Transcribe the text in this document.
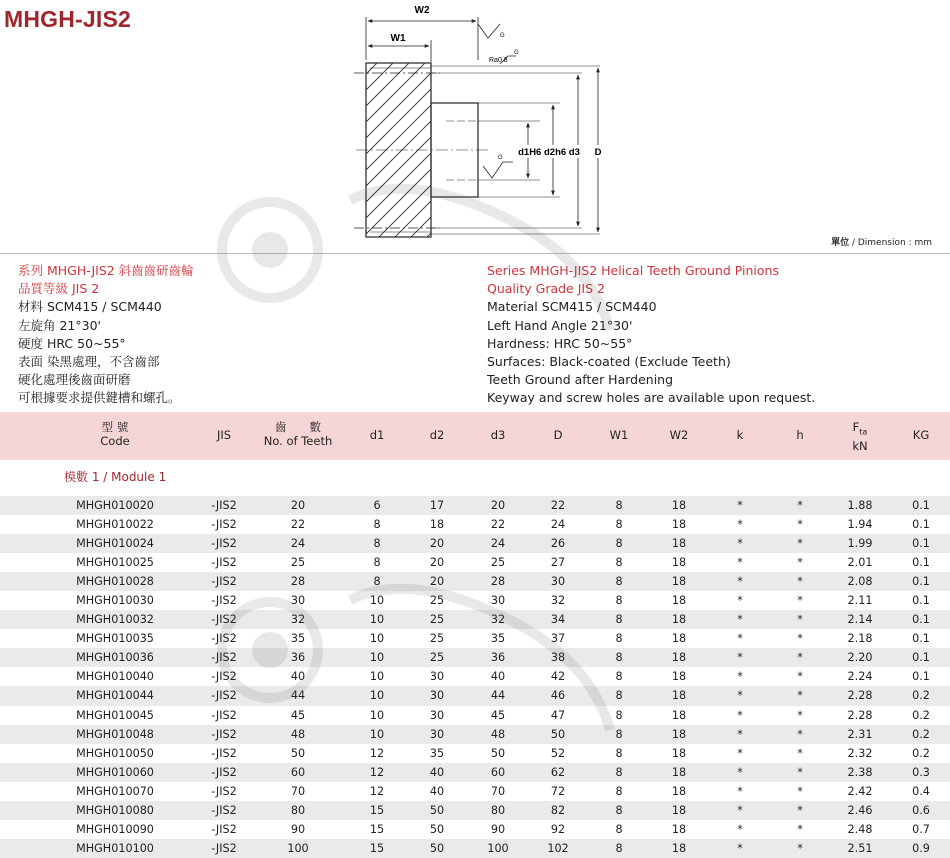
MHGH-JIS2	W2
W1
d1H6 d2h6 d3 D
G
Ra0.8
G
G
單位 / Dimension : mm
系列 MHGH-JIS2 斜齒齒研齒輪
品質等級 JIS 2
材料 SCM415 / SCM440
左旋角 21°30'
硬度 HRC 50~55°
表面 染黑處理，不含齒部
硬化處理後齒面研磨
可根據要求提供鍵槽和螺孔。
Series MHGH-JIS2 Helical Teeth Ground Pinions
Quality Grade JIS 2
Material SCM415 / SCM440
Left Hand Angle 21°30'
Hardness: HRC 50~55°
Surfaces: Black-coated (Exclude Teeth)
Teeth Ground after Hardening
Keyway and screw holes are available upon request.
型 號
Code	JIS
齒　　數
No. of Teeth	d1	d2	d3	D	W1	W2	k	h
$F_{ta}$
kN
KG
模數 1 / Module 1
MHGH010020	-JIS2	20	6	17	20	22	8	18	*	*	1.88	0.1
MHGH010022	-JIS2	22	8	18	22	24	8	18	*	*	1.94	0.1
MHGH010024	-JIS2	24	8	20	24	26	8	18	*	*	1.99	0.1
MHGH010025	-JIS2	25	8	20	25	27	8	18	*	*	2.01	0.1
MHGH010028	-JIS2	28	8	20	28	30	8	18	*	*	2.08	0.1
MHGH010030	-JIS2	30	10	25	30	32	8	18	*	*	2.11	0.1
MHGH010032	-JIS2	32	10	25	32	34	8	18	*	*	2.14	0.1
MHGH010035	-JIS2	35	10	25	35	37	8	18	*	*	2.18	0.1
MHGH010036	-JIS2	36	10	25	36	38	8	18	*	*	2.20	0.1
MHGH010040	-JIS2	40	10	30	40	42	8	18	*	*	2.24	0.1
MHGH010044	-JIS2	44	10	30	44	46	8	18	*	*	2.28	0.2
MHGH010045	-JIS2	45	10	30	45	47	8	18	*	*	2.28	0.2
MHGH010048	-JIS2	48	10	30	48	50	8	18	*	*	2.31	0.2
MHGH010050	-JIS2	50	12	35	50	52	8	18	*	*	2.32	0.2
MHGH010060	-JIS2	60	12	40	60	62	8	18	*	*	2.38	0.3
MHGH010070	-JIS2	70	12	40	70	72	8	18	*	*	2.42	0.4
MHGH010080	-JIS2	80	15	50	80	82	8	18	*	*	2.46	0.6
MHGH010090	-JIS2	90	15	50	90	92	8	18	*	*	2.48	0.7
MHGH010100	-JIS2	100	15	50	100	102	8	18	*	*	2.51	0.9
